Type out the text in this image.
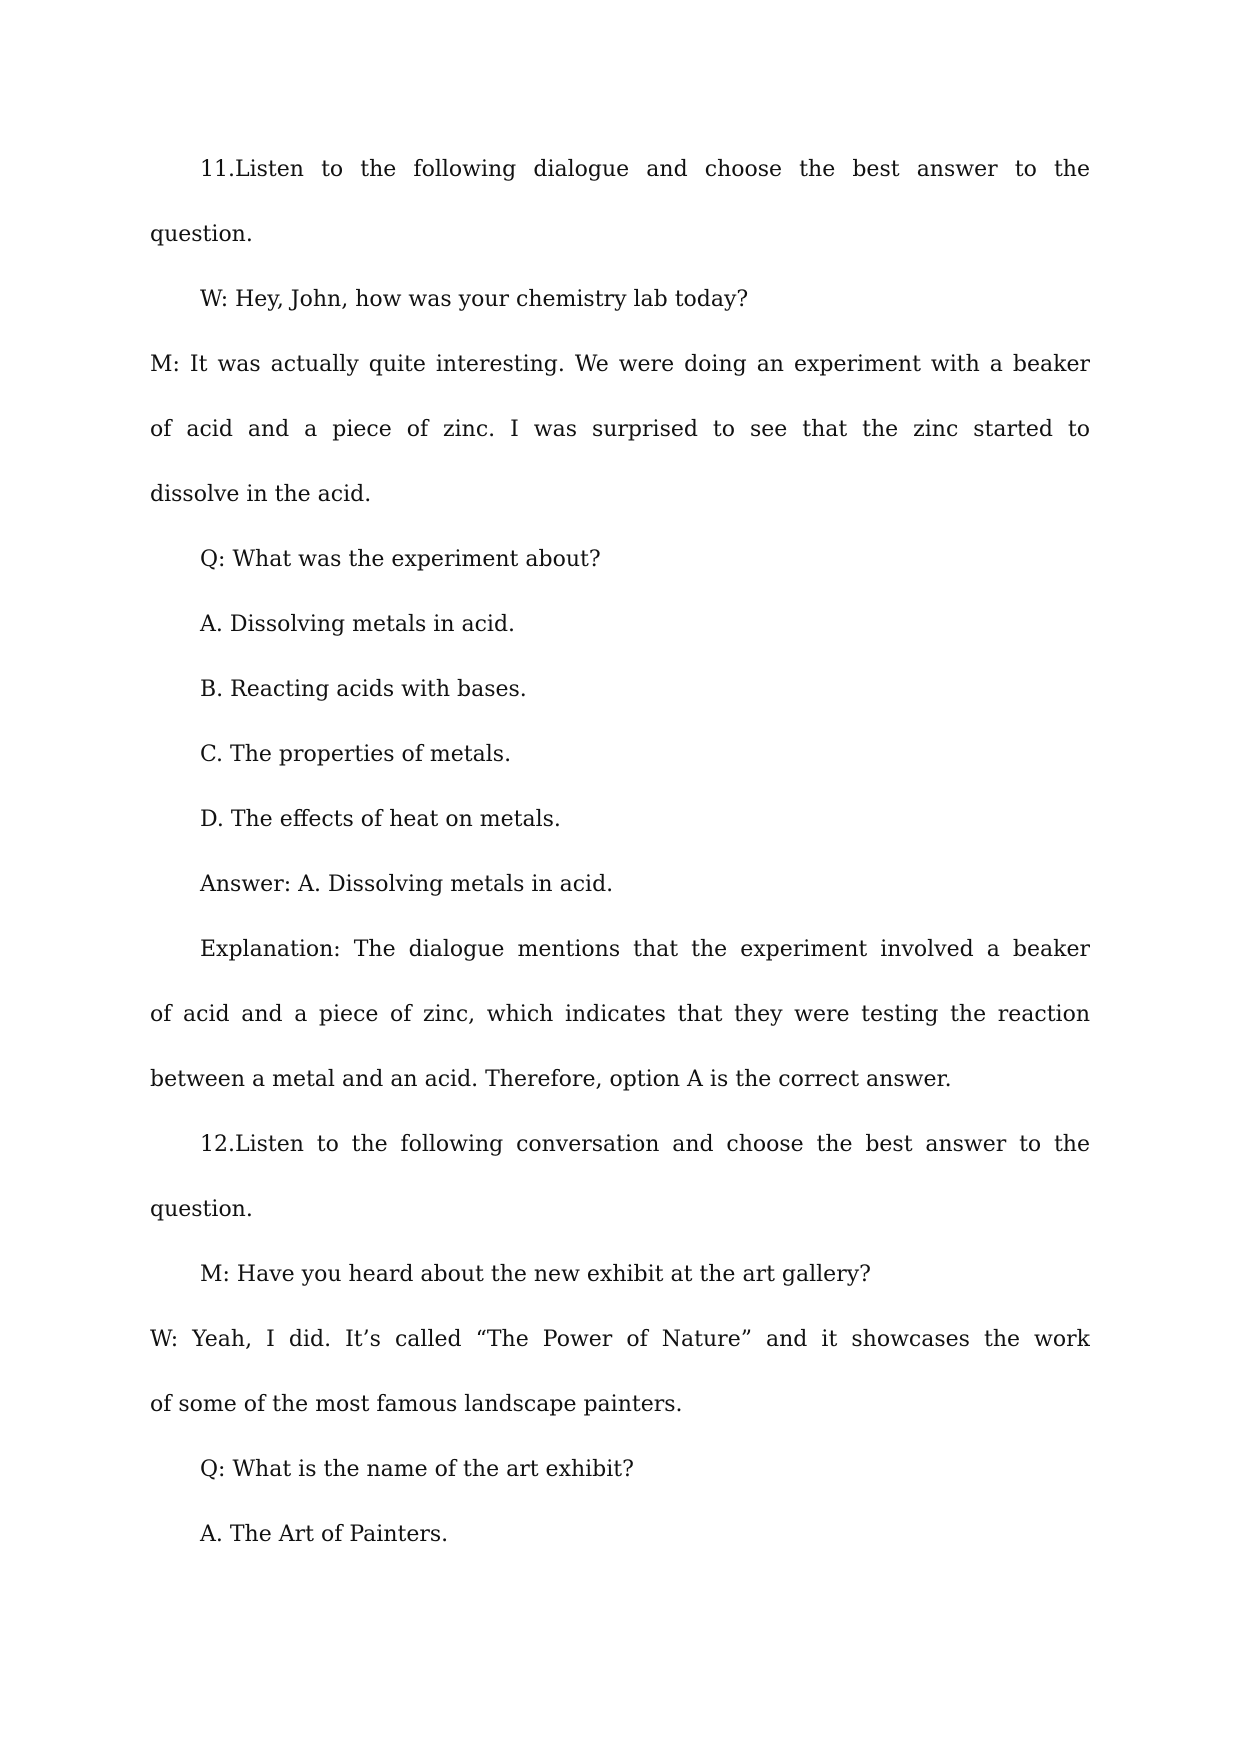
11.Listen to the following dialogue and choose the best answer to the
question.
W: Hey, John, how was your chemistry lab today?
M: It was actually quite interesting. We were doing an experiment with a beaker
of acid and a piece of zinc. I was surprised to see that the zinc started to
dissolve in the acid.
Q: What was the experiment about?
A. Dissolving metals in acid.
B. Reacting acids with bases.
C. The properties of metals.
D. The effects of heat on metals.
Answer: A. Dissolving metals in acid.
Explanation: The dialogue mentions that the experiment involved a beaker
of acid and a piece of zinc, which indicates that they were testing the reaction
between a metal and an acid. Therefore, option A is the correct answer.
12.Listen to the following conversation and choose the best answer to the
question.
M: Have you heard about the new exhibit at the art gallery?
W: Yeah, I did. It’s called “The Power of Nature” and it showcases the work
of some of the most famous landscape painters.
Q: What is the name of the art exhibit?
A. The Art of Painters.
